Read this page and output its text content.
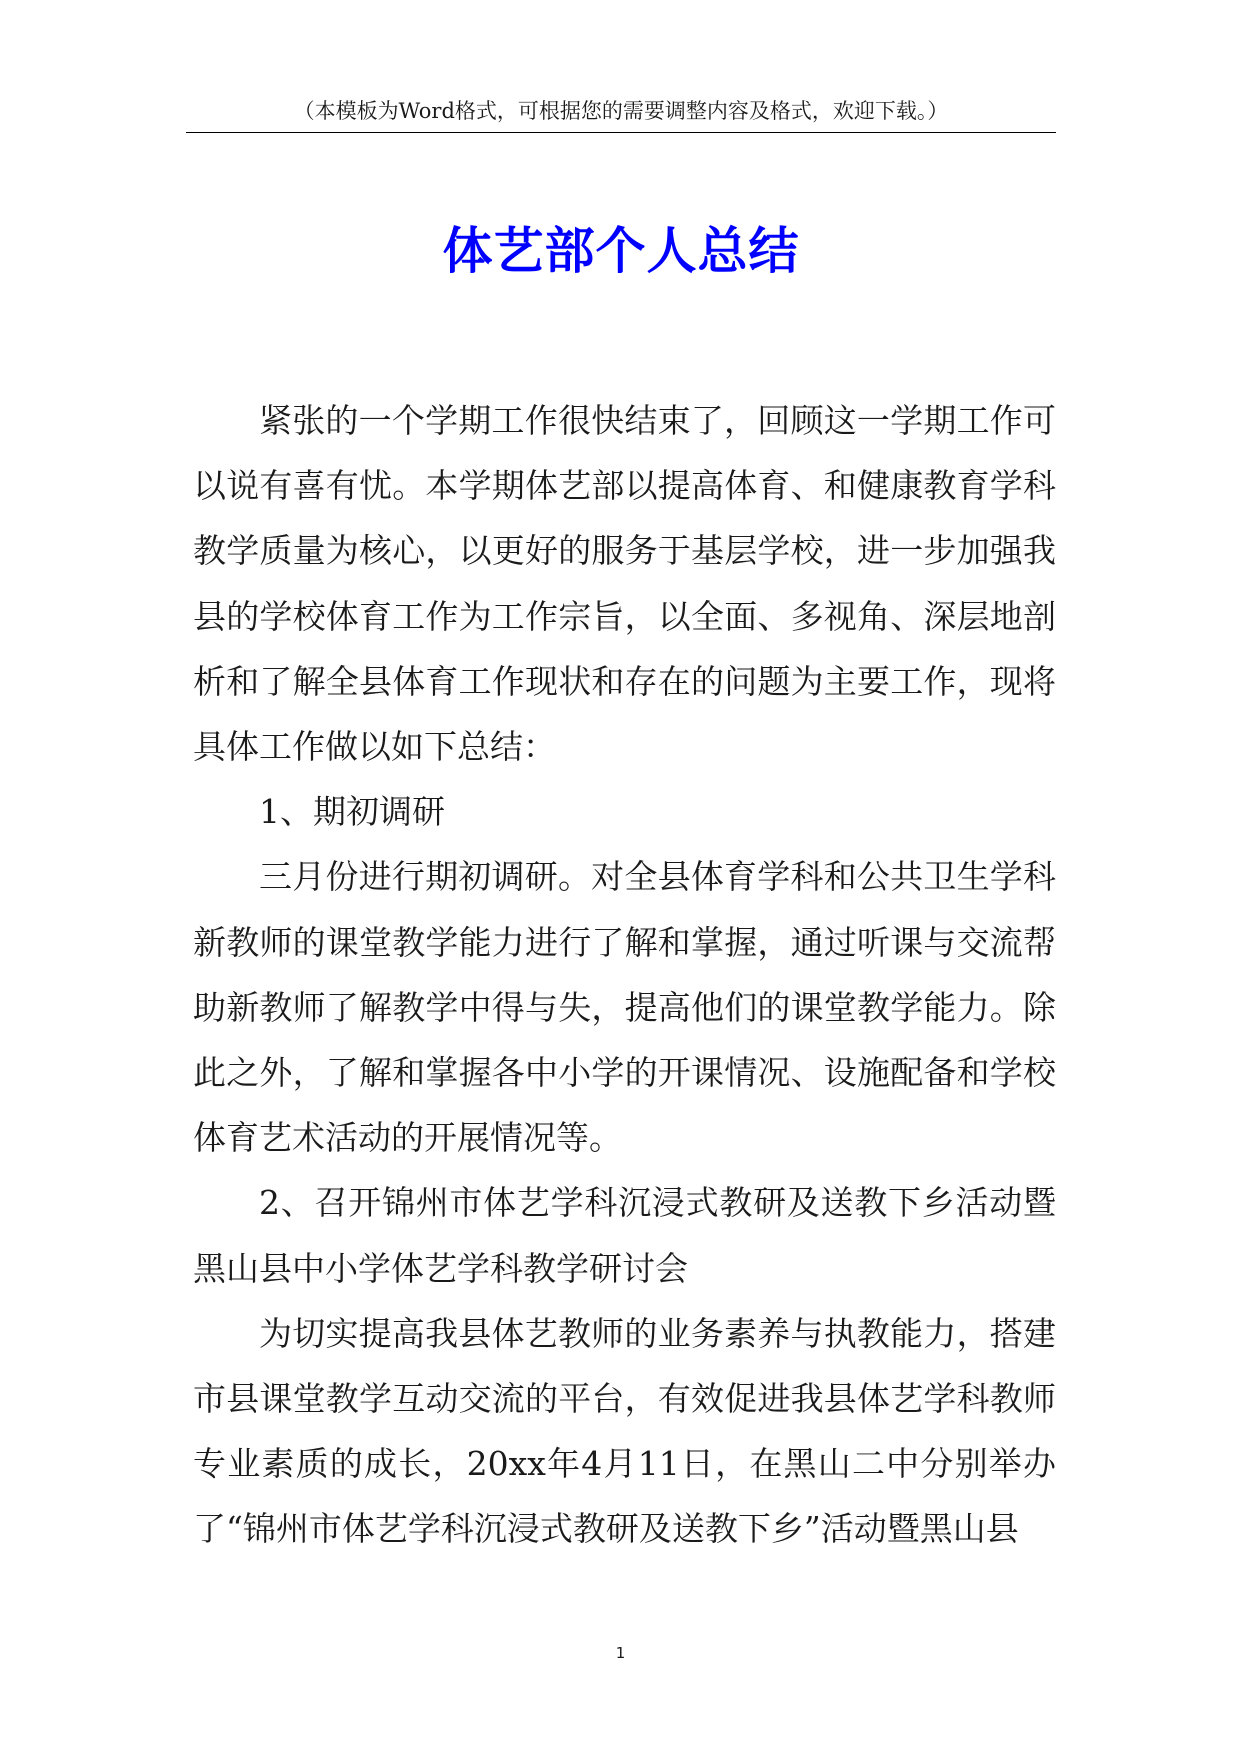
（本模板为Word格式，可根据您的需要调整内容及格式，欢迎下载。）
体艺部个人总结

紧张的一个学期工作很快结束了，回顾这一学期工作可以说有喜有忧。本学期体艺部以提高体育、和健康教育学科教学质量为核心，以更好的服务于基层学校，进一步加强我县的学校体育工作为工作宗旨，以全面、多视角、深层地剖析和了解全县体育工作现状和存在的问题为主要工作，现将具体工作做以如下总结：

1、期初调研

三月份进行期初调研。对全县体育学科和公共卫生学科新教师的课堂教学能力进行了解和掌握，通过听课与交流帮助新教师了解教学中得与失，提高他们的课堂教学能力。除此之外，了解和掌握各中小学的开课情况、设施配备和学校体育艺术活动的开展情况等。

2、召开锦州市体艺学科沉浸式教研及送教下乡活动暨黑山县中小学体艺学科教学研讨会

为切实提高我县体艺教师的业务素养与执教能力，搭建市县课堂教学互动交流的平台，有效促进我县体艺学科教师专业素质的成长，20xx年4月11日，在黑山二中分别举办了“锦州市体艺学科沉浸式教研及送教下乡”活动暨黑山县

1
